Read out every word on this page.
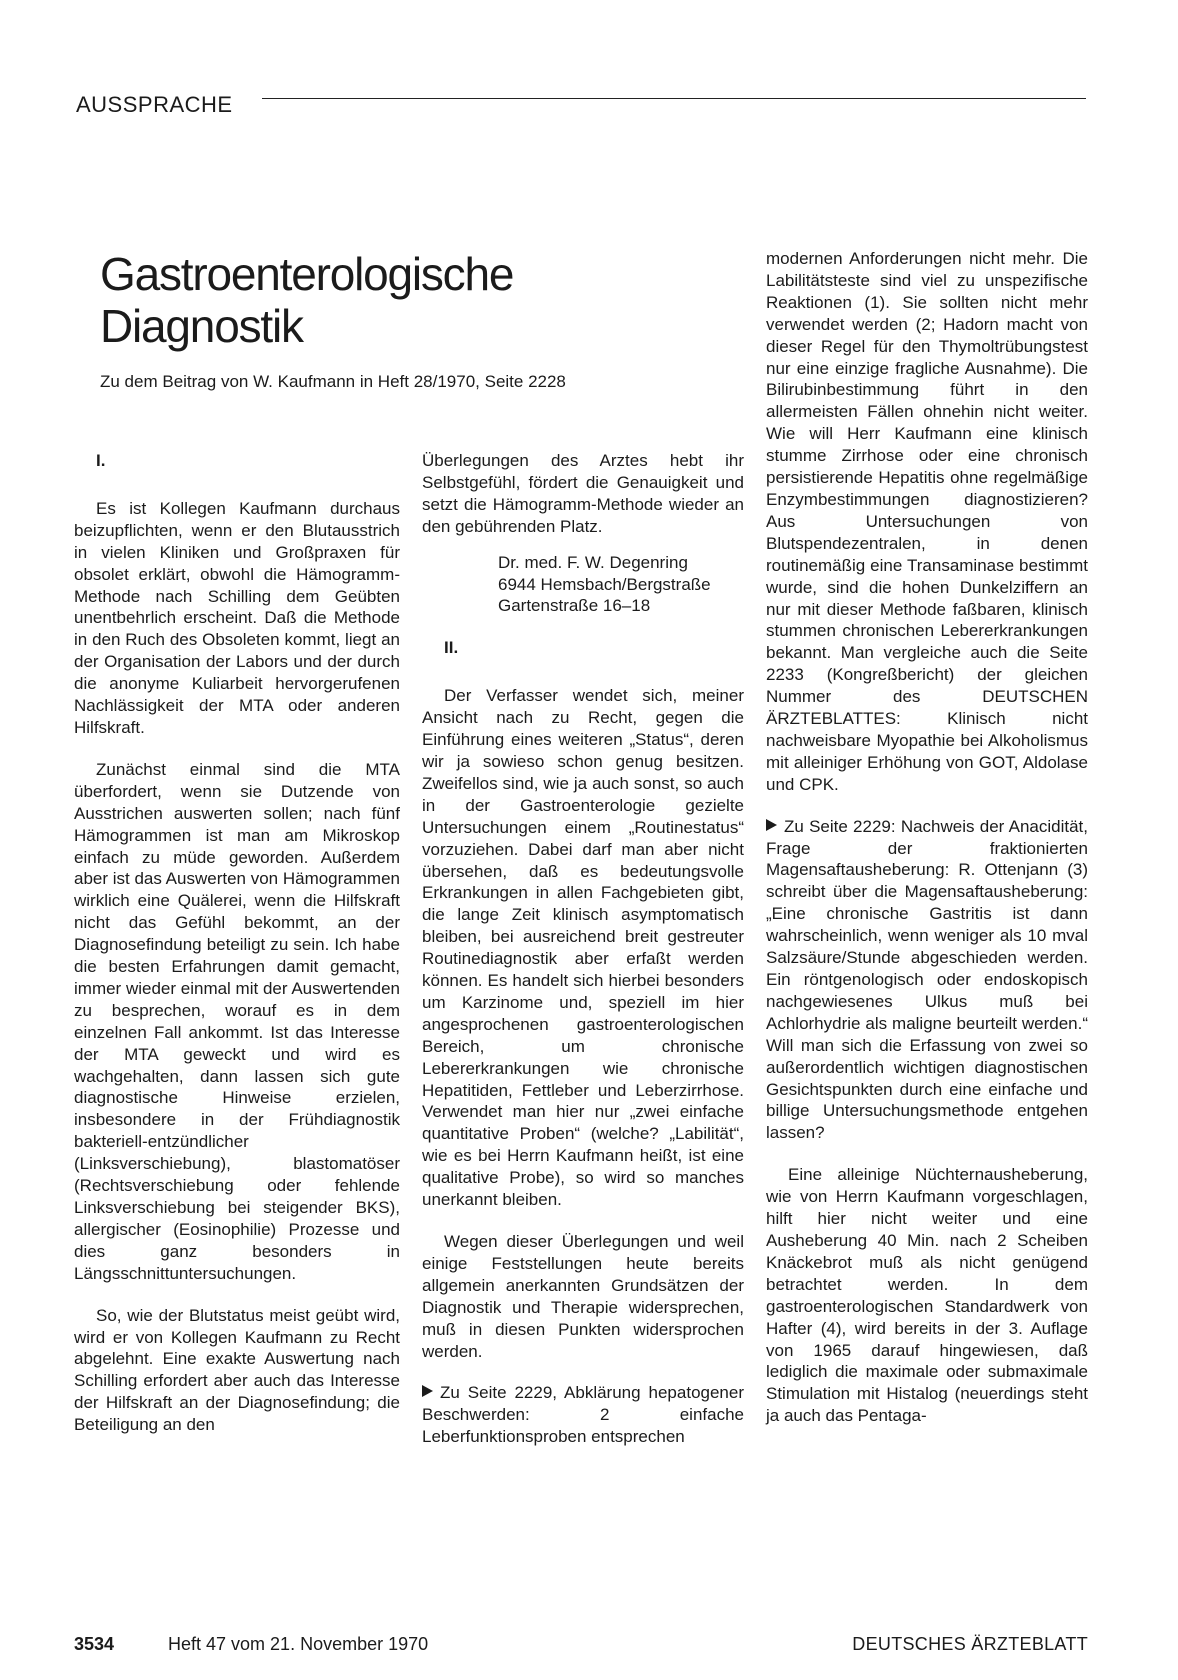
AUSSPRACHE
Gastroenterologische
Diagnostik
Zu dem Beitrag von W. Kaufmann in Heft 28/1970, Seite 2228

I.

Es ist Kollegen Kaufmann durchaus beizupflichten, wenn er den Blutausstrich in vielen Kliniken und Großpraxen für obsolet erklärt, obwohl die Hämogramm-Methode nach Schilling dem Geübten unentbehrlich erscheint. Daß die Methode in den Ruch des Obsoleten kommt, liegt an der Organisation der Labors und der durch die anonyme Kuliarbeit hervorgerufenen Nachlässigkeit der MTA oder anderen Hilfskraft.

Zunächst einmal sind die MTA überfordert, wenn sie Dutzende von Ausstrichen auswerten sollen; nach fünf Hämogrammen ist man am Mikroskop einfach zu müde geworden. Außerdem aber ist das Auswerten von Hämogrammen wirklich eine Quälerei, wenn die Hilfskraft nicht das Gefühl bekommt, an der Diagnosefindung beteiligt zu sein. Ich habe die besten Erfahrungen damit gemacht, immer wieder einmal mit der Auswertenden zu besprechen, worauf es in dem einzelnen Fall ankommt. Ist das Interesse der MTA geweckt und wird es wachgehalten, dann lassen sich gute diagnostische Hinweise erzielen, insbesondere in der Frühdiagnostik bakteriell-entzündlicher (Linksverschiebung), blastomatöser (Rechtsverschiebung oder fehlende Linksverschiebung bei steigender BKS), allergischer (Eosinophilie) Prozesse und dies ganz besonders in Längsschnittuntersuchungen.

So, wie der Blutstatus meist geübt wird, wird er von Kollegen Kaufmann zu Recht abgelehnt. Eine exakte Auswertung nach Schilling erfordert aber auch das Interesse der Hilfskraft an der Diagnosefindung; die Beteiligung an den

Überlegungen des Arztes hebt ihr Selbstgefühl, fördert die Genauigkeit und setzt die Hämogramm-Methode wieder an den gebührenden Platz.

Dr. med. F. W. Degenring
6944 Hemsbach/Bergstraße
Gartenstraße 16–18

II.

Der Verfasser wendet sich, meiner Ansicht nach zu Recht, gegen die Einführung eines weiteren „Status“, deren wir ja sowieso schon genug besitzen. Zweifellos sind, wie ja auch sonst, so auch in der Gastroenterologie gezielte Untersuchungen einem „Routinestatus“ vorzuziehen. Dabei darf man aber nicht übersehen, daß es bedeutungsvolle Erkrankungen in allen Fachgebieten gibt, die lange Zeit klinisch asymptomatisch bleiben, bei ausreichend breit gestreuter Routinediagnostik aber erfaßt werden können. Es handelt sich hierbei besonders um Karzinome und, speziell im hier angesprochenen gastroenterologischen Bereich, um chronische Lebererkrankungen wie chronische Hepatitiden, Fettleber und Leberzirrhose. Verwendet man hier nur „zwei einfache quantitative Proben“ (welche? „Labilität“, wie es bei Herrn Kaufmann heißt, ist eine qualitative Probe), so wird so manches unerkannt bleiben.

Wegen dieser Überlegungen und weil einige Feststellungen heute bereits allgemein anerkannten Grundsätzen der Diagnostik und Therapie widersprechen, muß in diesen Punkten widersprochen werden.

Zu Seite 2229, Abklärung hepatogener Beschwerden: 2 einfache Leberfunktionsproben entsprechen

modernen Anforderungen nicht mehr. Die Labilitätsteste sind viel zu unspezifische Reaktionen (1). Sie sollten nicht mehr verwendet werden (2; Hadorn macht von dieser Regel für den Thymoltrübungstest nur eine einzige fragliche Ausnahme). Die Bilirubinbestimmung führt in den allermeisten Fällen ohnehin nicht weiter. Wie will Herr Kaufmann eine klinisch stumme Zirrhose oder eine chronisch persistierende Hepatitis ohne regelmäßige Enzymbestimmungen diagnostizieren? Aus Untersuchungen von Blutspendezentralen, in denen routinemäßig eine Transaminase bestimmt wurde, sind die hohen Dunkelziffern an nur mit dieser Methode faßbaren, klinisch stummen chronischen Lebererkrankungen bekannt. Man vergleiche auch die Seite 2233 (Kongreßbericht) der gleichen Nummer des DEUTSCHEN ÄRZTEBLATTES: Klinisch nicht nachweisbare Myopathie bei Alkoholismus mit alleiniger Erhöhung von GOT, Aldolase und CPK.

Zu Seite 2229: Nachweis der Anacidität, Frage der fraktionierten Magensaftausheberung: R. Ottenjann (3) schreibt über die Magensaftausheberung: „Eine chronische Gastritis ist dann wahrscheinlich, wenn weniger als 10 mval Salzsäure/Stunde abgeschieden werden. Ein röntgenologisch oder endoskopisch nachgewiesenes Ulkus muß bei Achlorhydrie als maligne beurteilt werden.“ Will man sich die Erfassung von zwei so außerordentlich wichtigen diagnostischen Gesichtspunkten durch eine einfache und billige Untersuchungsmethode entgehen lassen?

Eine alleinige Nüchternausheberung, wie von Herrn Kaufmann vorgeschlagen, hilft hier nicht weiter und eine Ausheberung 40 Min. nach 2 Scheiben Knäckebrot muß als nicht genügend betrachtet werden. In dem gastroenterologischen Standardwerk von Hafter (4), wird bereits in der 3. Auflage von 1965 darauf hingewiesen, daß lediglich die maximale oder submaximale Stimulation mit Histalog (neuerdings steht ja auch das Pentaga-

3534	Heft 47 vom 21. November 1970	DEUTSCHES ÄRZTEBLATT
